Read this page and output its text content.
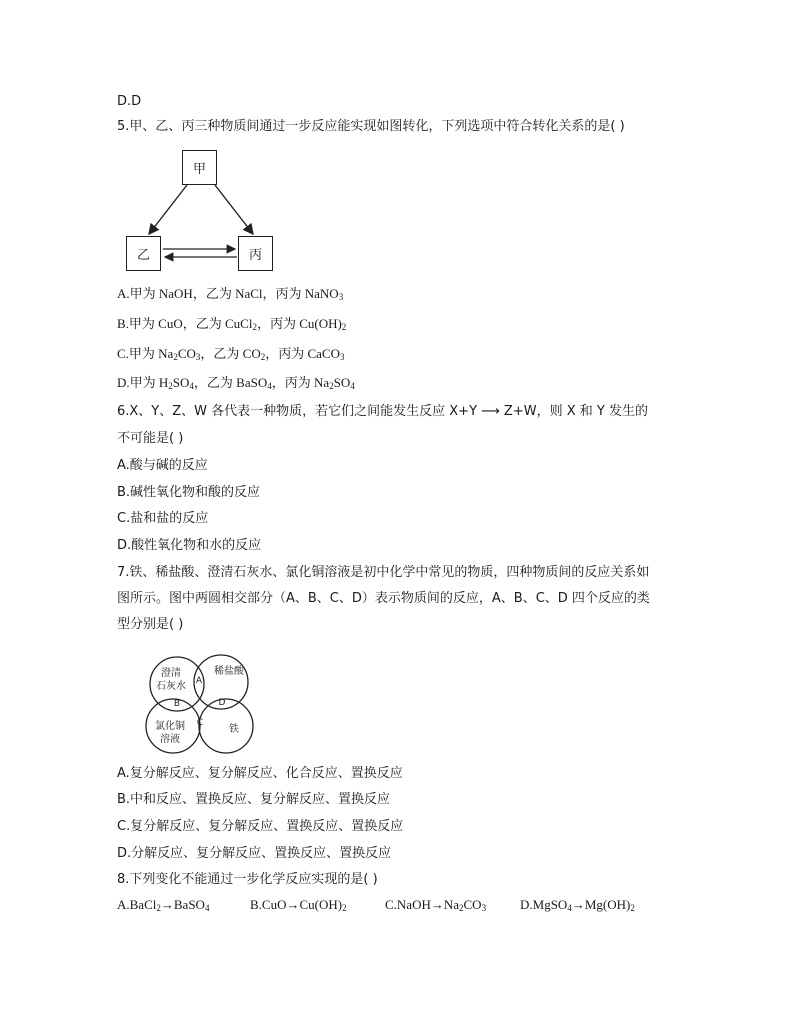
D.D
5.甲、乙、丙三种物质间通过一步反应能实现如图转化，下列选项中符合转化关系的是( )
甲
乙	丙
A.甲为 NaOH，乙为 NaCl，丙为 NaNO$_3$
B.甲为 CuO，乙为 CuCl$_2$，丙为 $Cu(OH)_2$
C.甲为 $Na_2CO_3$，乙为 $CO_2$，丙为 CaCO$_3$
D.甲为 $H_2SO_4$，乙为 BaSO$_4$，丙为 $Na_2SO_4$
6.X、Y、Z、W 各代表一种物质，若它们之间能发生反应 X+Y ⟶ Z+W，则 X 和 Y 发生的
不可能是( )
A.酸与碱的反应
B.碱性氧化物和酸的反应
C.盐和盐的反应
D.酸性氧化物和水的反应
7.铁、稀盐酸、澄清石灰水、氯化铜溶液是初中化学中常见的物质，四种物质间的反应关系如
图所示。图中两圆相交部分（A、B、C、D）表示物质间的反应，A、B、C、D 四个反应的类
型分别是( )
澄清
石灰水
稀盐酸
氯化铜
溶液
铁
A
B
C
D
A.复分解反应、复分解反应、化合反应、置换反应
B.中和反应、置换反应、复分解反应、置换反应
C.复分解反应、复分解反应、置换反应、置换反应
D.分解反应、复分解反应、置换反应、置换反应
8.下列变化不能通过一步化学反应实现的是( )
A.BaCl$_2$→BaSO$_4$	$B.CuO\to Cu(OH)_2$	$C.NaOH\to Na_2CO_3$	$D.MgSO_4\to Mg(OH)_2$
